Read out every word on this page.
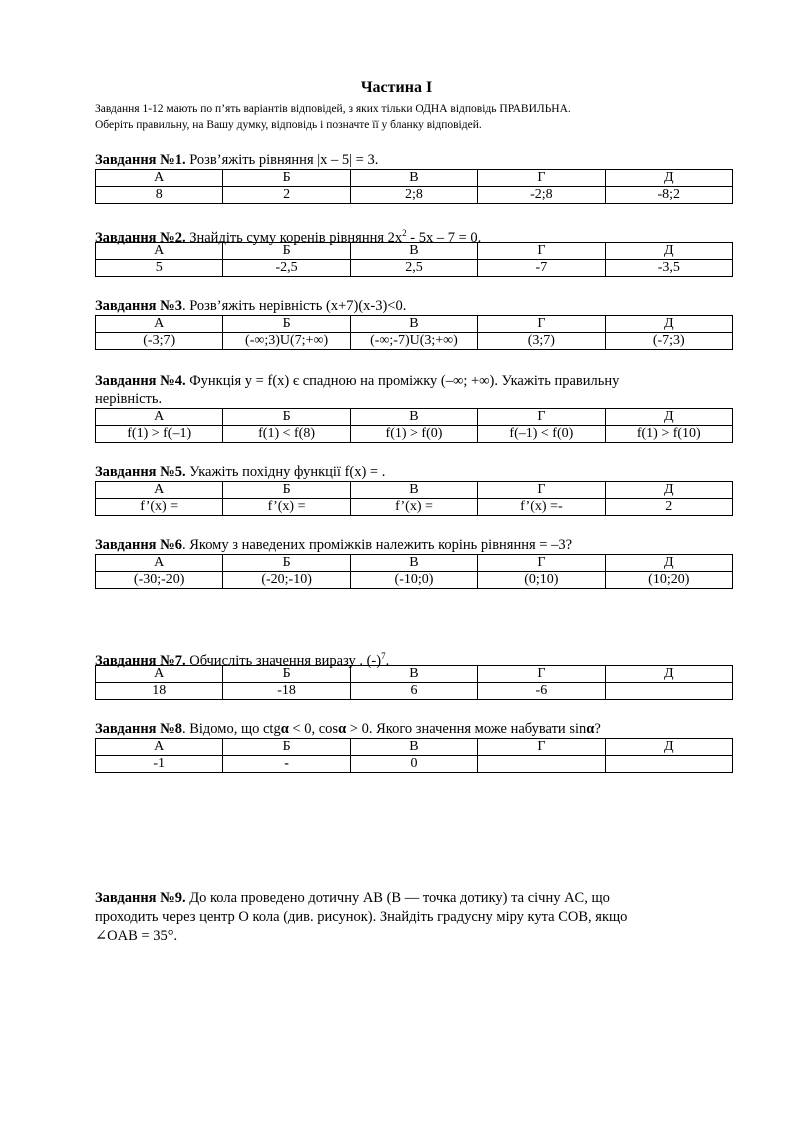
Частина І
Завдання 1-12 мають по п’ять варіантів відповідей, з яких тільки ОДНА відповідь ПРАВИЛЬНА.
Оберіть правильну, на Вашу думку, відповідь і позначте її у бланку відповідей.
Завдання №1. Розв’яжіть рівняння |x – 5| = 3.
А	Б	В	Г	Д
8	2	2;8	-2;8	-8;2
Завдання №2. Знайдіть суму коренів рівняння $2x^2 - 5x - 7 = 0$.
А	Б	В	Г	Д
5	-2,5	2,5	-7	-3,5
Завдання №3. Розв’яжіть нерівність (x+7)(x-3)<0.
А	Б	В	Г	Д
(-3;7)	(-∞;3)U(7;+∞)	(-∞;-7)U(3;+∞)	(3;7)	(-7;3)
Завдання №4. Функція y = f(x) є спадною на проміжку (–∞; +∞). Укажіть правильну
нерівність.
А	Б	В	Г	Д
f(1) > f(–1)	f(1) < f(8)	f(1) > f(0)	f(–1) < f(0)	f(1) > f(10)
Завдання №5. Укажіть похідну функції f(x) = .
А	Б	В	Г	Д
f’(x) =	f’(x) =	f’(x) =	f’(x) =-	2
Завдання №6. Якому з наведених проміжків належить корінь рівняння = –3?
А	Б	В	Г	Д
(-30;-20)	(-20;-10)	(-10;0)	(0;10)	(10;20)
Завдання №7. Обчисліть значення виразу . $(-)^7$.
А	Б	В	Г	Д
18	-18	6	-6	
Завдання №8. Відомо, що ctgα < 0, cosα > 0. Якого значення може набувати sinα?
А	Б	В	Г	Д
-1	-	0		
Завдання №9. До кола проведено дотичну AB (B — точка дотику) та січну AC, що
проходить через центр O кола (див. рисунок). Знайдіть градусну міру кута COB, якщо
∠OAB = 35°.
